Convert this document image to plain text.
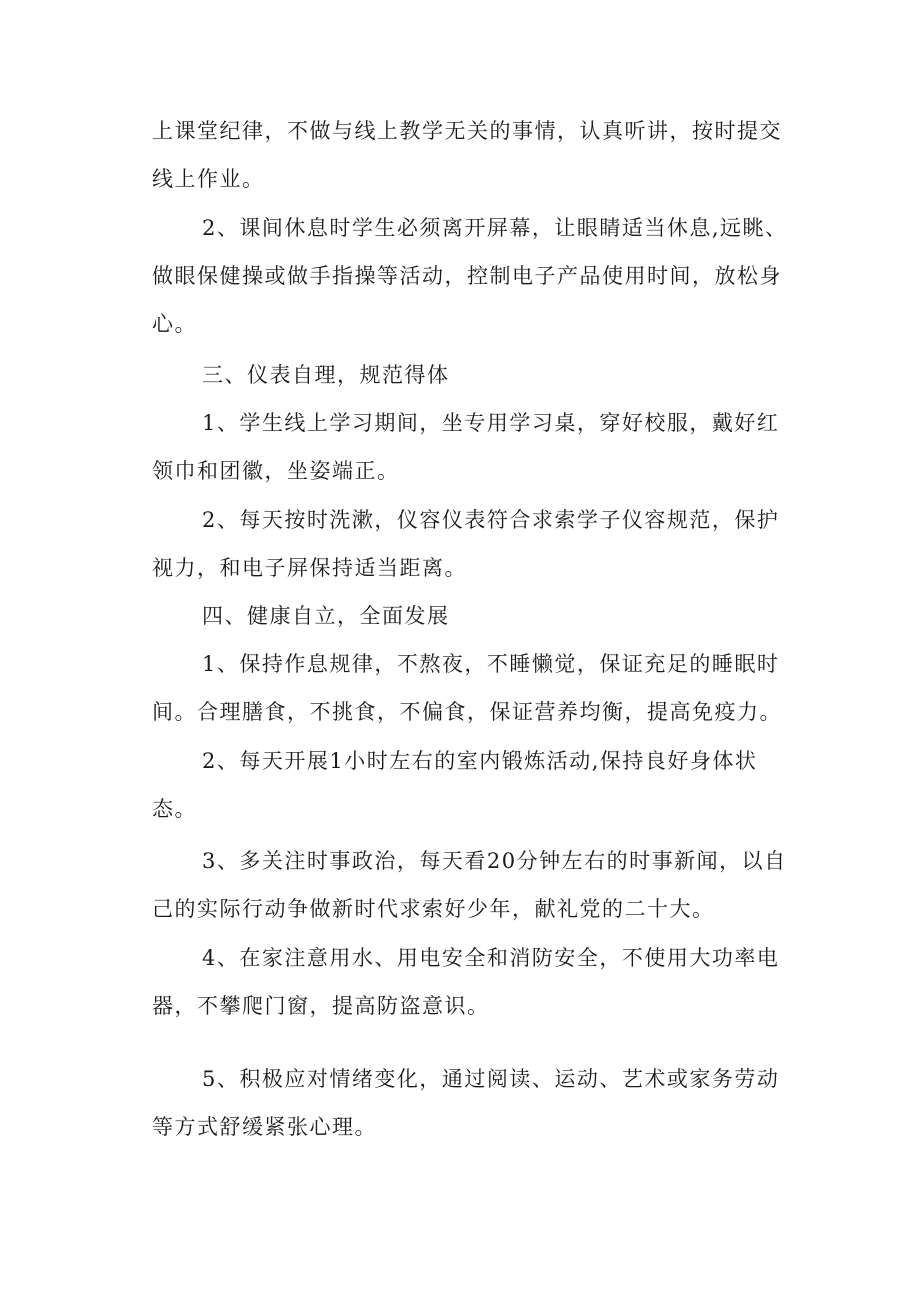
上课堂纪律，不做与线上教学无关的事情，认真听讲，按时提交线上作业。

2、课间休息时学生必须离开屏幕，让眼睛适当休息,远眺、做眼保健操或做手指操等活动，控制电子产品使用时间，放松身心。

三、仪表自理，规范得体

1、学生线上学习期间，坐专用学习桌，穿好校服，戴好红领巾和团徽，坐姿端正。

2、每天按时洗漱，仪容仪表符合求索学子仪容规范，保护视力，和电子屏保持适当距离。

四、健康自立，全面发展

1、保持作息规律，不熬夜，不睡懒觉，保证充足的睡眠时间。合理膳食，不挑食，不偏食，保证营养均衡，提高免疫力。

2、每天开展1小时左右的室内锻炼活动,保持良好身体状态。

3、多关注时事政治，每天看20分钟左右的时事新闻，以自己的实际行动争做新时代求索好少年，献礼党的二十大。

4、在家注意用水、用电安全和消防安全，不使用大功率电器，不攀爬门窗，提高防盗意识。

5、积极应对情绪变化，通过阅读、运动、艺术或家务劳动等方式舒缓紧张心理。
